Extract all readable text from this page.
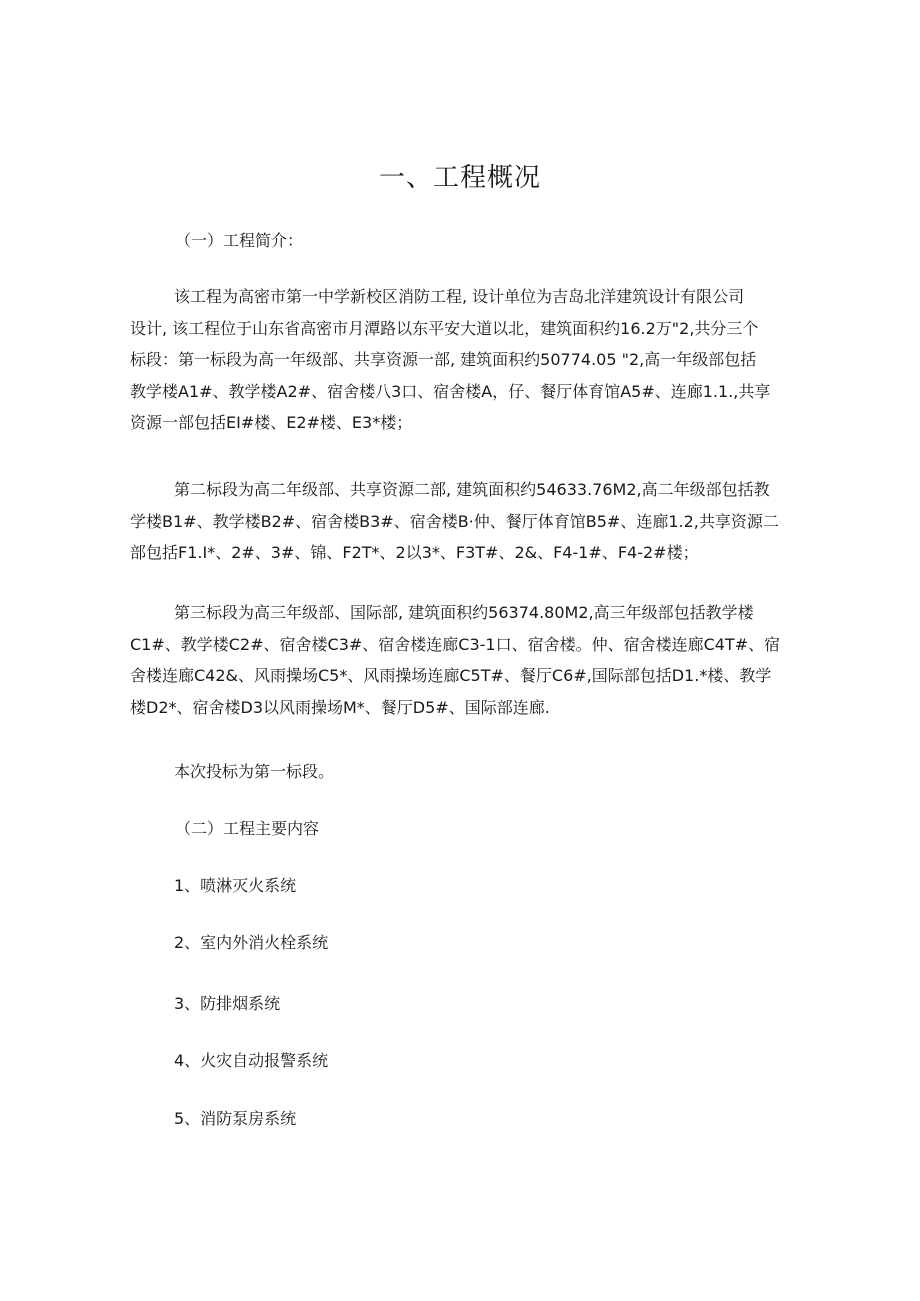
一、工程概况
（一）工程简介：
该工程为高密市第一中学新校区消防工程, 设计单位为吉岛北洋建筑设计有限公司
设计, 该工程位于山东省高密市月潭路以东平安大道以北，建筑面积约16.2万"2,共分三个
标段：第一标段为高一年级部、共享资源一部, 建筑面积约50774.05 "2,高一年级部包括
教学楼A1#、教学楼A2#、宿舍楼八3口、宿舍楼A，仔、餐厅体育馆A5#、连廊1.1.,共享
资源一部包括EI#楼、E2#楼、E3*楼；
第二标段为高二年级部、共享资源二部, 建筑面积约54633.76M2,高二年级部包括教
学楼B1#、教学楼B2#、宿舍楼B3#、宿舍楼B·仲、餐厅体育馆B5#、连廊1.2,共享资源二
部包括F1.I*、2#、3#、锦、F2T*、2以3*、F3T#、2&、F4-1#、F4-2#楼；
第三标段为高三年级部、国际部, 建筑面积约56374.80M2,高三年级部包括教学楼
C1#、教学楼C2#、宿舍楼C3#、宿舍楼连廊C3-1口、宿舍楼。仲、宿舍楼连廊C4T#、宿
舍楼连廊C42&、风雨操场C5*、风雨操场连廊C5T#、餐厅C6#,国际部包括D1.*楼、教学
楼D2*、宿舍楼D3以风雨操场M*、餐厅D5#、国际部连廊.
本次投标为第一标段。
（二）工程主要内容
1、喷淋灭火系统
2、室内外消火栓系统
3、防排烟系统
4、火灾自动报警系统
5、消防泵房系统
